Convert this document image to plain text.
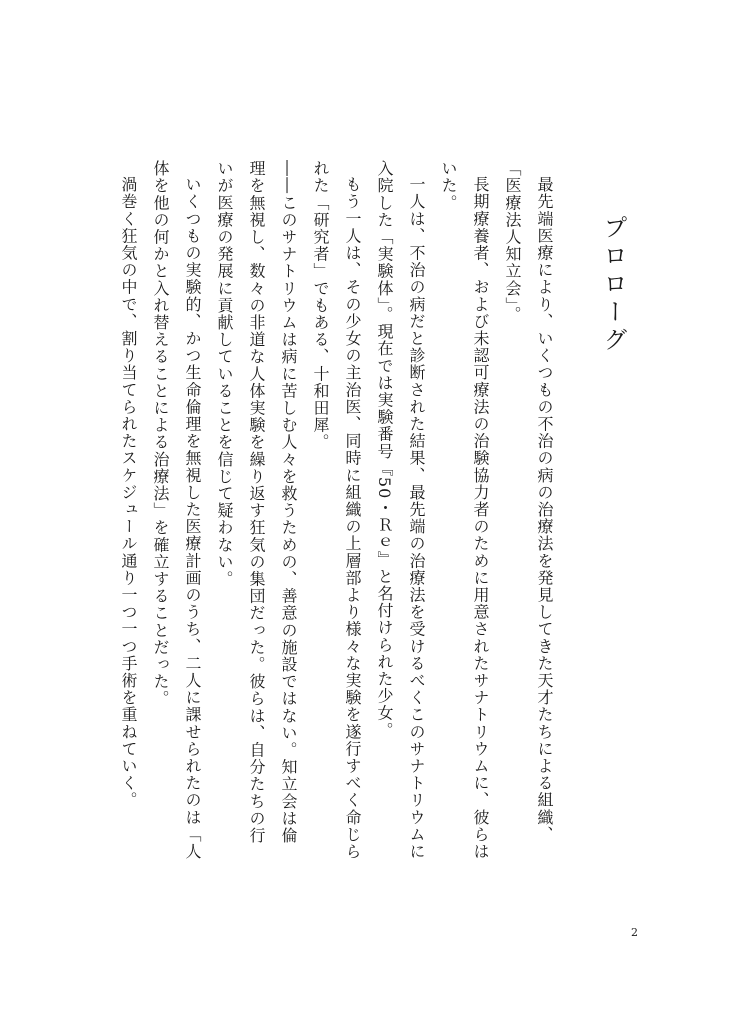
プロローグ

最先端医療により、いくつもの不治の病の治療法を発見してきた天才たちによる組織、「医療法人知立会」。

長期療養者、および未認可療法の治験協力者のために用意されたサナトリウムに、彼らはいた。

一人は、不治の病だと診断された結果、最先端の治療法を受けるべくこのサナトリウムに入院した「実験体」。現在では実験番号『50・Ｒｅ』と名付けられた少女。

もう一人は、その少女の主治医、同時に組織の上層部より様々な実験を遂行すべく命じられた「研究者」でもある、十和田犀。

――このサナトリウムは病に苦しむ人々を救うための、善意の施設ではない。知立会は倫理を無視し、数々の非道な人体実験を繰り返す狂気の集団だった。彼らは、自分たちの行いが医療の発展に貢献していることを信じて疑わない。

いくつもの実験的、かつ生命倫理を無視した医療計画のうち、二人に課せられたのは「人体を他の何かと入れ替えることによる治療法」を確立することだった。

渦巻く狂気の中で、割り当てられたスケジュール通り一つ一つ手術を重ねていく。

2
